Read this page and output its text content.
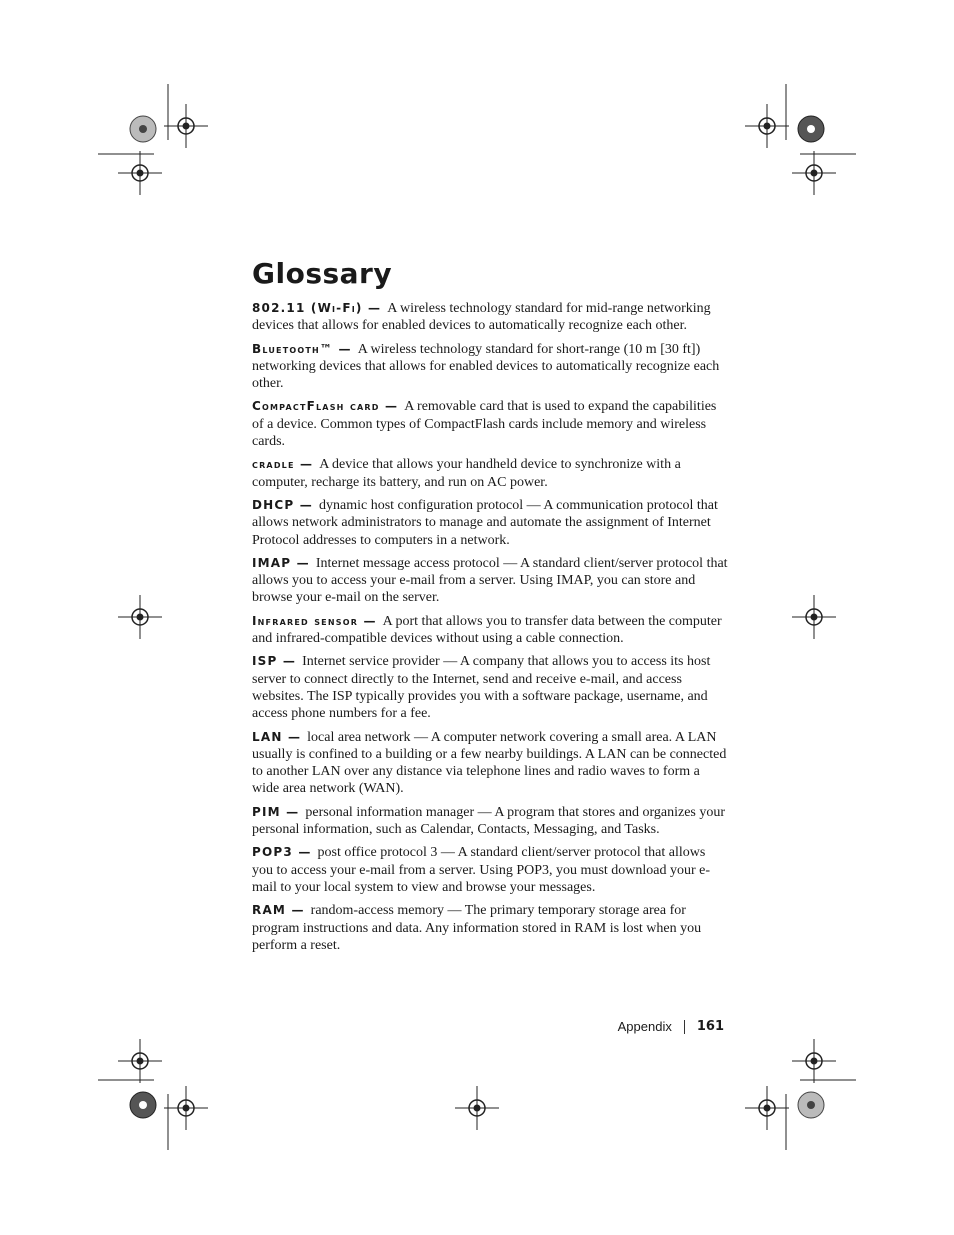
Glossary

802.11 (Wi-Fi) — A wireless technology standard for mid-range networking devices that allows for enabled devices to automatically recognize each other.

Bluetooth™ — A wireless technology standard for short-range (10 m [30 ft]) networking devices that allows for enabled devices to automatically recognize each other.

CompactFlash card — A removable card that is used to expand the capabilities of a device. Common types of CompactFlash cards include memory and wireless cards.

cradle — A device that allows your handheld device to synchronize with a computer, recharge its battery, and run on AC power.

DHCP — dynamic host configuration protocol — A communication protocol that allows network administrators to manage and automate the assignment of Internet Protocol addresses to computers in a network.

IMAP — Internet message access protocol — A standard client/server protocol that allows you to access your e-mail from a server. Using IMAP, you can store and browse your e-mail on the server.

Infrared sensor — A port that allows you to transfer data between the computer and infrared-compatible devices without using a cable connection.

ISP — Internet service provider — A company that allows you to access its host server to connect directly to the Internet, send and receive e-mail, and access websites. The ISP typically provides you with a software package, username, and access phone numbers for a fee.

LAN — local area network — A computer network covering a small area. A LAN usually is confined to a building or a few nearby buildings. A LAN can be connected to another LAN over any distance via telephone lines and radio waves to form a wide area network (WAN).

PIM — personal information manager — A program that stores and organizes your personal information, such as Calendar, Contacts, Messaging, and Tasks.

POP3 — post office protocol 3 — A standard client/server protocol that allows you to access your e-mail from a server. Using POP3, you must download your e-mail to your local system to view and browse your messages.

RAM — random-access memory — The primary temporary storage area for program instructions and data. Any information stored in RAM is lost when you perform a reset.

Appendix 161
